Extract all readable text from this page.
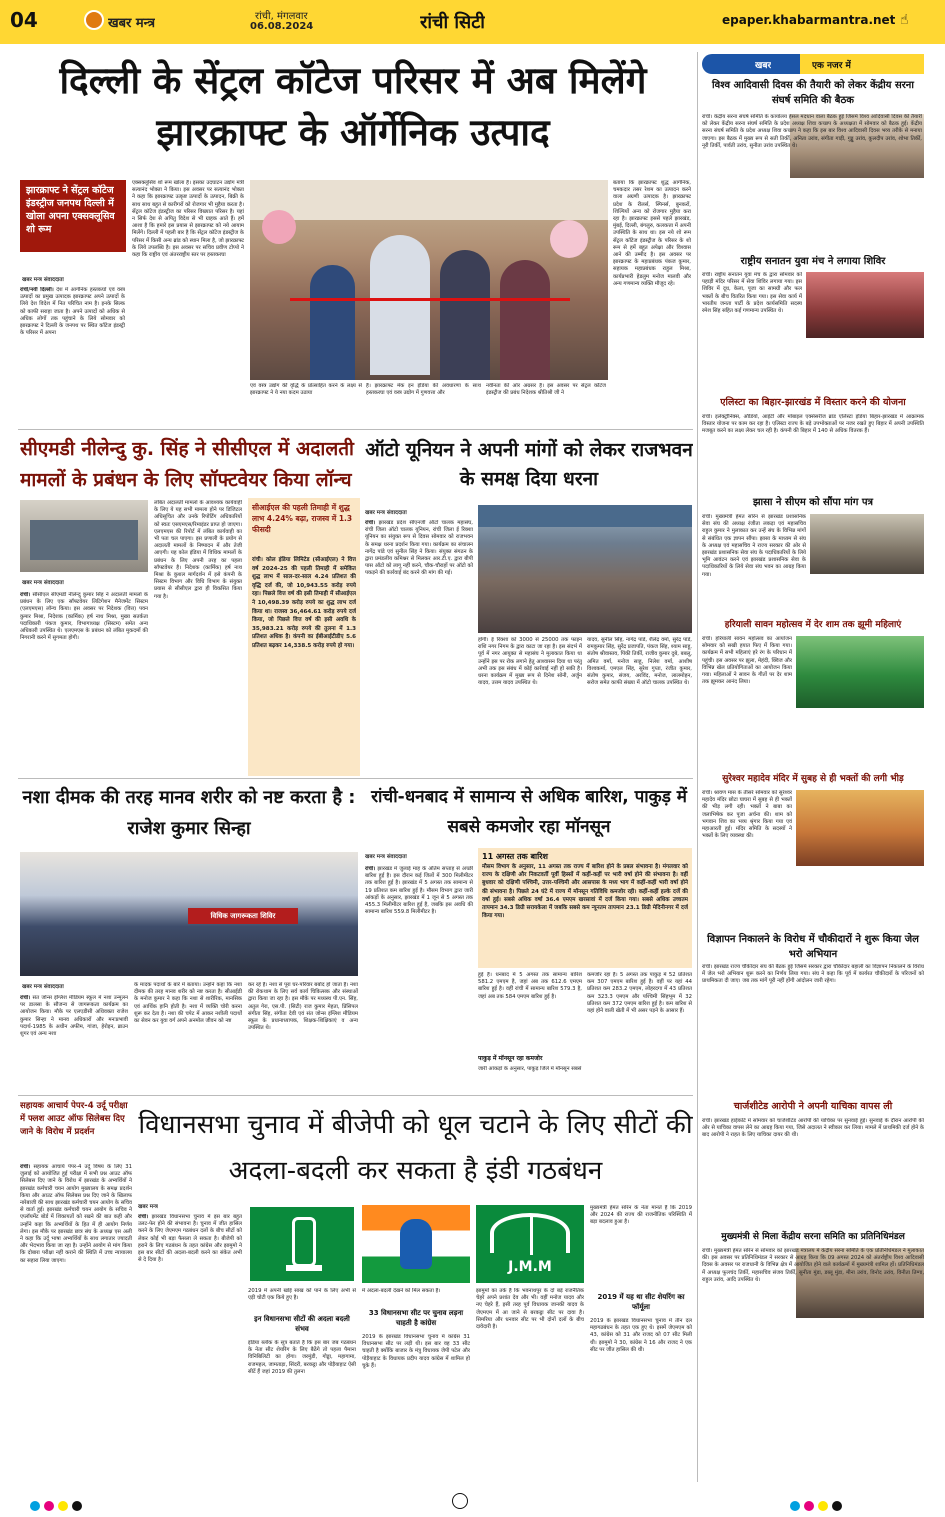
04	खबर मन्त्र	रांची, मंगलवार
06.08.2024	रांची सिटी	epaper.khabarmantra.net ☝
दिल्ली के सेंट्रल कॉटेज परिसर में अब मिलेंगे झारक्राफ्ट के ऑर्गेनिक उत्पाद
झारक्राफ्ट ने सेंट्रल कॉटेज इंडस्ट्रीज जनपथ दिल्ली में खोला अपना एक्सक्लूसिव शो रूम
खबर मन्त्र संवाददाता
रांची/नयी दिल्ली। देश में आर्गेनिक हस्तकर्घा एवं वस्त्र उत्पादों का प्रमुख उत्पादक झारक्राफ्ट अपने उत्पादों के लिये देश विदेश में नित परिचित नाम है। इनके सिल्क को काफी सराहा जाता है। अपने उत्पादों को अधिक से अधिक लोगों तक पहुंचाने के लिये सोमवार को झारक्राफ्ट ने दिल्ली के जनपथ पर स्थित कॉटेज इंडस्ट्री के परिसर में अपना
एक्सक्लूसिव शो रूम खोला है। इसका उदघाटन उद्योग मंत्री सत्यानंद भोक्ता ने किया। इस अवसर पर सत्यानंद भोक्ता ने कहा कि झारक्राफ्ट उत्कृष्ट उत्पादों के उत्पादन, बिक्री के साथ साथ बहुत से कारीगरों को रोजगार भी मुहैया करता है। सेंट्रल कॉटेज इंडस्ट्रीज का परिसर विख्यात परिसर है। यहां न सिर्फ देश से अपितु विदेश से भी ग्राहक आते हैं। हमें आशा है कि हमारे इस प्रयास से झारक्राफ्ट को नये आयाम मिलेंगे। दिल्ली में पहली बार है कि सेंट्रल कॉटेज इंडस्ट्रीज के परिसर में किसी अन्य ब्रांड को स्थान मिला है, जो झारक्राफ्ट के लिये उपलब्धि है। इस अवसर पर सचिव प्रवीण टोप्पो ने कहा कि राष्ट्रीय एवं अंतरराष्ट्रीय स्तर पर हस्तकरघा
एवं वस्त्र उद्योग की वृद्धि के प्रोत्साहित करने के लक्ष्य से झारक्राफ्ट ने ये नया कदम उठाया
है। झारक्राफ्ट मेक इन इंडिया की अवधारणा के साथ हस्तकरघा एवं वस्त्र उद्योग में गुणवत्ता और
नवीनता की ओर अग्रसर है। इस अवसर पर सेंट्रल कॉटेज इंडस्ट्रीज की प्रबंध निदेशक श्रीतिश्री जी ने
बताया कि झारक्राफ्ट शुद्ध आर्गेनिक, चमकदार तसर रेशम का उत्पादन करने वाला अग्रणी उत्पादक है। झारक्राफ्ट प्रदेश के रीलर्स, स्पिनर्स, बुनकरों, शिल्पियों अन्य को रोजगार मुहैया करा रहा है। झारक्राफ्ट इससे पहले झारखंड, मुंबई, दिल्ली, बंगलुरु, कलकत्ता में अपनी उपस्थिति के साथ था। इस नये शो रूम सेंट्रल कॉटेज इंडस्ट्रीज के परिसर के शो रूम से हमें बहुत अपेक्षा और विश्वास आने की उम्मीद है। इस अवसर पर झारक्राफ्ट के महाप्रबंधक पंकज कुमार, सहायक महाप्रबंधक राहुल मिश्रा, कार्यप्रभारी हेडलुम मनोज मालवी और अन्य गणमान्य व्यक्ति मौजूद रहे।
सीएमडी नीलेन्दु कु. सिंह ने सीसीएल में अदालती मामलों के प्रबंधन के लिए सॉफ्टवेयर किया लॉन्च
खबर मन्त्र संवाददाता
रांची। सीसीएल सीएमडी नीलेन्दु कुमार सिंह ने अदालती मामलों के प्रबंधन के लिए एक सॉफ्टवेयर लिटिगेशन मैनेजमेंट सिस्टम (एलएमएस) लॉन्च किया। इस अवसर पर निदेशक (वित्त) पवन कुमार मिश्रा, निदेशक (कार्मिक) हर्ष नाथ मिश्रा, मुख्य सतर्कता पदाधिकारी पंकज कुमार, विभागाध्यक्ष (सिस्टम) समेत अन्य अधिकारी उपस्थित थे। एलएमएस के प्रबंधन को लंबित मुकदमों की निगरानी करने में सुगमता होगी।
लंबित अदालती मामलों के आवश्यक कार्यवाही के लिए ये यह सभी मामला होने पर डिजिटल अधिसूचित और उनके रिपोर्टिंग अधिकारियों को स्वतः एसएमएस/रिमाइंडर प्राप्त हो जाएगा। एलएमएस की रिपोर्ट में लंबित कार्यवाही का भी पता चल पाएगा। इस प्रणाली के प्रयोग से अदालती मामलों के निष्पादन में और तेजी आएगी। यह कोल इंडिया में विधिक मामलों के प्रबंधन के लिए अपनी तरह का पहला सॉफ्टवेयर है। निदेशक (कार्मिक) हर्ष नाथ मिश्रा के कुशल मार्गदर्शन में इसे कंपनी के सिस्टम विभाग और विधि विभाग के संयुक्त प्रयास से सीसीएल द्वारा ही विकसित किया गया है।
सीआईएल की पहली तिमाही में शुद्ध लाभ 4.24% बढ़ा, राजस्व में 1.3 फीसदी
रांची। कोल इंडिया लिमिटेड (सीआईएल) ने वित्त वर्ष 2024-25 की पहली तिमाही में समेकित शुद्ध लाभ में साल-दर-साल 4.24 प्रतिशत की वृद्धि दर्ज की, जो 10,943.55 करोड़ रुपये रहा। पिछले वित्त वर्ष की इसी तिमाही में सीआईएल ने 10,498.39 करोड़ रुपये का शुद्ध लाभ दर्ज किया था। राजस्व 36,464.61 करोड़ रुपये दर्ज किया, जो पिछले वित्त वर्ष की इसी अवधि के 35,983.21 करोड़ रुपये की तुलना में 1.3 प्रतिशत अधिक है। कंपनी का ईबीआईटीडीए 5.6 प्रतिशत बढ़कर 14,338.5 करोड़ रुपये हो गया।
ऑटो यूनियन ने अपनी मांगों को लेकर राजभवन के समक्ष दिया धरना
खबर मन्त्र संवाददाता
रांची। झारखंड प्रदेश सीएनजी ऑटो चालक महासंघ, रांची जिला ऑटो चालक यूनियन, रांची जिला ई रिक्शा यूनियन का संयुक्त रूप से दिवस सोमवार को राजभवन के समक्ष धरना प्रदर्शन किया गया। कार्यक्रम का संचालन नागेंद्र पांडे एवं सुनील सिंह ने किया। संयुक्त संगठन के द्वारा प्रमंडलीय कमिश्नर से मिलकर आर.टी.ए. द्वारा बीपी पास ऑटो को लागू नहीं करने, चौक-चौराहों पर ऑटो को पकड़ने की कार्रवाई बंद करने की मांग की गई।
होगी। ई रिक्शा को 3000 से 25000 तक फाइन राशि नगर निगम के द्वारा काटा जा रहा है। इस संदर्भ में पूर्व में नगर आयुक्त से महासंघ ने मुलाकात किया था उन्होंने इस पर रोक लगाने हेतु आश्वासन दिया था परंतु अभी तक इस संबंध में कोई कार्रवाई नहीं हो सकी है। धरना कार्यक्रम में मुख्य रूप से दिनेश सोनी, अर्जुन यादव, उत्तम यादव उपस्थित थे।
यादव, सुनील सिंह, नागेंद्र पांडे, शैलेंद्र वर्मा, सुरेंद्र पांडे, रामकुमार सिंह, सुरेंद्र प्रजापति, पंकज सिंह, श्याम साहू, संतोष श्रीवास्तव, पिंकी तिर्की, राजीव कुमार दुबे, बबलू, अमित वर्मा, मनोज साहू, निलेश वर्मा, आशीष विश्वकर्मा, एमएल सिंह, सुरेश गुप्ता, रंजीत कुमार, संतोष कुमार, संजय, अरविंद, मनोज, लालमोहन, सरोज समेत काफी संख्या में ऑटो चालक उपस्थित थे।
नशा दीमक की तरह मानव शरीर को नष्ट करता है : राजेश कुमार सिन्हा
विधिक जागरूकता शिविर
खबर मन्त्र संवाददाता
रांची। संत जोन्स इंग्लिश मीडियम स्कूल में नशा उन्मूलन पर डालसा के सौजन्य से जागरूकता कार्यक्रम का आयोजन किया। मौके पर एलएडीसी अधिवक्ता राजेश कुमार सिन्हा ने मानव अधिकारों और मनःप्रभावी पदार्थ-1985 के अधीन अफीम, गांजा, हेरोइन, ब्राउन शुगर एवं अन्य नशा
के मादक पदार्थों के बारे में बताया। उन्होंने कहा कि नशा दीमक की तरह मानव शरीर को नष्ट करता है। सीआईडी के मनोज कुमार ने कहा कि नशा से शारीरिक, मानसिक एवं आर्थिक हानि होती है। नशा में व्यक्ति चोरी करना शुरू कर देता है। नशा की चपेट में आकर नशीली पदार्थों का सेवन कर युवा वर्ग अपने अनमोल जीवन को नष्ट
कर रहे हैं। नशा से पूरा घर-परिवार बर्बाद हो जाता है। नशा की रोकथाम के लिए सर्व कार्य चिकित्सक और संस्थाओं द्वारा किया जा रहा है। इस मौके पर मध्यस्थ पी.एन. सिंह, अतुल गेरा, एस.पी. (सिटी) राज कुमार मेहता, प्रिंसिपल संगीता सिंह, संगीता देवी एवं संत जोन्स इंग्लिश मीडियम स्कूल के प्रधानाध्यापक, शिक्षक-शिक्षिकाएं व अन्य उपस्थित थे।
रांची-धनबाद में सामान्य से अधिक बारिश, पाकुड़ में सबसे कमजोर रहा मॉनसून
खबर मन्त्र संवाददाता	11 अगस्त तक बारिश
मौसम विभाग के अनुसार, 11 अगस्त तक राज्य में बारिश होने के प्रबल संभावना है। मंगलवार को राज्य के दक्षिणी और निकटवर्ती पूर्वी हिस्सों में कहीं-कहीं पर भारी वर्षा होने की संभावना है। वहीं बुधवार को दक्षिणी पश्चिमी, उत्तर-पश्चिमी और आसपास के मध्य भाग में कहीं-कहीं भारी वर्षा होने की संभावना है। पिछले 24 घंटे में राज्य में मॉनसून गतिविधि कमजोर रही। कहीं-कहीं हल्के दर्जे की वर्षा हुई। सबसे अधिक वर्षा 36.4 एमएम खरसावां में दर्ज किया गया। सबसे अधिक उच्चतम तापमान 34.3 डिग्री सरायकेला में जबकि सबसे कम न्यूनतम तापमान 23.1 डिग्री मेदिनीनगर में दर्ज किया गया।
रांची। झारखंड में जुलाई माह के अंतिम सप्ताह से अच्छी बारिश हुई है। इस दौरान कई जिलों में 300 मिलीमीटर तक बारिश हुई है। झारखंड में 5 अगस्त तक सामान्य से 19 प्रतिशत कम बारिश हुई है। मौसम विभाग द्वारा जारी आंकड़ों के अनुसार, झारखंड में 1 जून से 5 अगस्त तक 455.3 मिलीमीटर बारिश हुई है, जबकि इस अवधि की सामान्य बारिश 559.8 मिलीमीटर है।
हुई है। धनबाद में 5 अगस्त तक सामान्य बारिश 581.2 एमएम है, जहां अब तक 612.6 एमएम बारिश हुई है। वहीं रांची में सामान्य बारिश 579.3 है, जहां अब तक 584 एमएम बारिश हुई है।
पाकुड़ में मॉनसून रहा कमजोर
जारी आंकड़ों के अनुसार, पाकुड़ जिले में मॉनसून सबसे
कमजोर रहा है। 5 अगस्त तक पाकुड़ में 52 प्रतिशत कम 307 एमएम बारिश हुई है। वहीं पर यहां 44 प्रतिशत कम 283.2 एमएम, लोहरदगा में 43 प्रतिशत कम 323.3 एमएम और पश्चिमी सिंहभूम में 32 प्रतिशत कम 372 एमएम बारिश हुई है। कम बारिश से यहां होने वाली खेती में भी असर पड़ने के आसार हैं।
सहायक आचार्य पेपर-4 उर्दू परीक्षा में फ्लश आउट ऑफ सिलेबस दिए जाने के विरोध में प्रदर्शन
रांची। सहायक आचार्य पेपर-4 उर्दू विषय के लिए 31 जुलाई को आयोजित हुई परीक्षा में सभी प्रश्न आउट ऑफ सिलेबस दिए जाने के विरोध में झारखंड के अभ्यर्थियों ने झारखंड कर्मचारी चयन आयोग मुख्यालय के समक्ष प्रदर्शन किया और आउट ऑफ सिलेबस प्रश्न दिए जाने के खिलाफ नारेबाजी की साथ झारखंड कर्मचारी चयन आयोग के सचिव से वार्ता हुई। झारखंड कर्मचारी चयन आयोग के सचिव ने एप्लॉयमेंट बोर्ड में शिकायतों को रखने की बात कही और उन्होंने कहा कि अभ्यर्थियों के हित में ही आयोग निर्णय लेगा। इस मौके पर झारखंड छात्र संघ के अध्यक्ष एस अली ने कहा कि उर्दू भाषा अभ्यर्थियों के साथ लगातार ज्यादती और भेदभाव किया जा रहा है। उन्होंने आयोग से मांग किया कि दोबारा परीक्षा नहीं कराने की स्थिति में उच्च न्यायालय का सहारा लिया जाएगा।
विधानसभा चुनाव में बीजेपी को धूल चटाने के लिए सीटों की अदला-बदली कर सकता है इंडी गठबंधन
खबर मन्त्र
रांची। झारखंड विधानसभा चुनाव में इस बार बहुत उलट-फेर होने की संभावना है। चुनाव में जीत हासिल करने के लिए जेएमएम गठबंधन दलों के बीच सीटों को लेकर कोई भी बड़ा फैसला ले सकता है। बीजेपी को हराने के लिए गठबंधन के तहत कांग्रेस और झामुमो ने इस बार सीटों की अदला-बदली करने का संकेत अभी से दे दिया है।	J.M.M
2019 में अपनी खोई साख को पाने के लिए अभी से एड़ी चोटी एक किये हुए है।
इन विधानसभा सीटों की अदला बदली संभव
इंडिया ब्लॉक के सूत्र बताते हैं कि इस बार जब गठबंधन के नेता सीट शेयरिंग के लिए बैठेंगे तो पहला पैमाना विनिबिलिटी का होगा। जरमुंडी, गोड्डा, महागामा, राजमहल, जामताड़ा, सिंदरी, बरकट्ठा और पोड़ैयाहाट ऐसी सीटें हैं जहां 2019 की तुलना
में अदला-बदली देखने को मिल सकता है।
33 विधानसभा सीट पर चुनाव लड़ना चाहती है कांग्रेस
2019 के झारखंड विधानसभा चुनाव में कांग्रेस 31 विधानसभा सीट पर लड़ी थी। इस बार वह 33 सीट चाहती है क्योंकि बाजार के मंत्रु विधायक जेपी पटेल और पोड़ैयाहाट के विधायक प्रदीप यादव कांग्रेस में शामिल हो चुके हैं।
झामुमो का तर्क है कि भवनाथपुर के दो बड़े राजनैतिक चेहरे अपने प्रशांत देव और भी। वहीं मनोज यादव और नए चेहरे हैं, इसी तरह पूर्व विधायक जानकी यादव के जेएमएम में आ जाने से बरकट्ठा सीट पर दावा है। सिमरिया और धनवार सीट पर भी दोनों दलों के बीच दावेदारी है।
मुख्यमंत्री हेमंत सोरेन के नेता मानते हैं कि 2019 और 2024 की राज्य की राजनीतिक परिस्थिति में बड़ा बदलाव हुआ है।
2019 में यह था सीट शेयरिंग का फॉर्मूला
2019 के झारखंड विधानसभा चुनाव में तीन दल महागठबंधन के तहत एक हुए थे। इसमें जेएमएम को 43, कांग्रेस को 31 और राजद को 07 सीट मिली थी। झामुमो ने 30, कांग्रेस ने 16 और राजद ने एक सीट पर जीत हासिल की थी।
खबर	एक नजर में
विश्व आदिवासी दिवस की तैयारी को लेकर केंद्रीय सरना संघर्ष समिति की बैठक
रांची। केंद्रीय सरना संघर्ष समिति के कार्यालय हेसल मदधान वाला बैठक हुई जिसमें विश्व आदिवासी दिवस की तैयारी को लेकर केंद्रीय सरना संघर्ष समिति के प्रदेश अध्यक्ष शिवा कच्छप के अध्यक्षता में सोमवार को बैठक हुई। केंद्रीय सरना संघर्ष समिति के प्रदेश अध्यक्ष शिवा कच्छप ने कहा कि इस बार विश्व आदिवासी दिवस भव्य तरीके से मनाया जाएगा। इस बैठक में मुख्य रूप से सती तिर्की, अनिता उरांव, संगीता गाड़ी, गुड्डू उरांव, कुलदीप उरांव, शोभा तिर्की, नूरी तिर्की, पार्वती उरांव, सुनीता उरांव उपस्थित थे।
राष्ट्रीय सनातन युवा मंच ने लगाया शिविर
रांची। राष्ट्रीय सनातन युवा मंच के द्वारा सोमवार को पहाड़ी मंदिर परिसर में सेवा शिविर लगाया गया। इस शिविर में दूध, केला, पूजा का सामग्री और फल भक्तों के बीच वितरित किया गया। इस सेवा कार्य में भारतीय जनता पार्टी के प्रदेश कार्यसमिति सदस्य रमेश सिंह सहित कई गणमान्य उपस्थित थे।
एलिस्टा का बिहार-झारखंड में विस्तार करने की योजना
रांची। इलेक्ट्रॉनिक्स, ऑडियो, आईटी और मोबाइल एक्सेसरीज ब्रांड एलिस्टा इंडिया बिहार-झारखंड में आक्रामक विस्तार योजना पर काम कर रहा है। एलिस्टा राज्य के बड़े उपभोक्ताओं पर नजर रखते हुए बिहार में अपनी उपस्थिति मजबूत करने का लक्ष्य लेकर चल रही है। कंपनी की बिहार में 140 से अधिक वितरक हैं।
झासा ने सीएम को सौंपा मांग पत्र
रांची। मुख्यमंत्री हेमंत सोरेन से झारखंड प्रशासनिक सेवा संघ की अध्यक्ष रंजीता लकड़ा एवं महासचिव राहुल कुमार ने मुलाकात कर उन्हें संघ के विभिन्न मांगों से संबंधित एक ज्ञापन सौंपा। झासा के माध्यम से संघ के अध्यक्ष एवं महासचिव ने राज्य सरकार की ओर से झारखंड प्रशासनिक सेवा संघ के पदाधिकारियों के लिये भूमि आवंटन करने एवं झारखंड प्रशासनिक सेवा के पदाधिकारियों के लिये सेवा संघ भवन का आग्रह किया गया।
हरियाली सावन महोत्सव में देर शाम तक झूमी महिलाएं
रांची। हरियाली सावन महोत्सव का आयोजन सोमवार को सखी हयात फिए में किया गया। कार्यक्रम में सभी महिलाएं हरे रंग के परिधान में पहुंची। इस अवसर पर झूला, मेहंदी, क्विज और विभिन्न खेल प्रतियोगिताओं का आयोजन किया गया। महिलाओं ने सावन के गीतों पर देर शाम तक झूमकर आनंद लिया।
सुरेश्वर महादेव मंदिर में सुबह से ही भक्तों की लगी भीड़
रांची। श्रावण मास के तीसरे सोमवार को सुरेश्वर महादेव मंदिर छोटा घाघरा में सुबह से ही भक्तों की भीड़ लगी रही। भक्तों ने बाबा का जलाभिषेक कर पूजा अर्चना की। शाम को भगवान शिव का भव्य श्रृंगार किया गया एवं महाआरती हुई। मंदिर समिति के सदस्यों ने भक्तों के लिए व्यवस्था की।
विज्ञापन निकालने के विरोध में चौकीदारों ने शुरू किया जेल भरो अभियान
रांची। झारखंड राज्य चौकीदार संघ की बैठक हुई जिसमें सरकार द्वारा चौकीदार बहाली का विज्ञापन निकालने के विरोध में जेल भरो अभियान शुरू करने का निर्णय लिया गया। संघ ने कहा कि पूर्व में कार्यरत चौकीदारों के परिजनों को प्राथमिकता दी जाए। जब तक मांगें पूरी नहीं होंगी आंदोलन जारी रहेगा।
चार्जशीटेड आरोपी ने अपनी याचिका वापस ली
रांची। झारखंड हाईकोर्ट में सोमवार को चार्जशीटेड आरोपी की याचिका पर सुनवाई हुई। सुनवाई के दौरान आरोपी की ओर से याचिका वापस लेने का आग्रह किया गया, जिसे अदालत ने स्वीकार कर लिया। मामले में प्राथमिकी दर्ज होने के बाद आरोपी ने राहत के लिए याचिका दायर की थी।
मुख्यमंत्री से मिला केंद्रीय सरना समिति का प्रतिनिधिमंडल
रांची। मुख्यमंत्री हेमंत सोरेन से सोमवार को झारखंड मंत्रालय में केंद्रीय सरना समिति के एक प्रतिनिधिमंडल ने मुलाकात की। इस अवसर पर प्रतिनिधिमंडल ने सरकार से आग्रह किया कि 09 अगस्त 2024 को अंतर्राष्ट्रीय विश्व आदिवासी दिवस के अवसर पर राजधानी के विभिन्न क्षेत्र में आयोजित होने वाले कार्यक्रमों में मुख्यमंत्री शामिल हों। प्रतिनिधिमंडल में अध्यक्ष फूलचंद तिर्की, महासचिव संजय तिर्की, सुनीता मुंडा, डब्लू मुंडा, मीना उरांव, विनोद उरांव, विनीता तिग्गा, राहुल उरांव, आदि उपस्थित थे।
